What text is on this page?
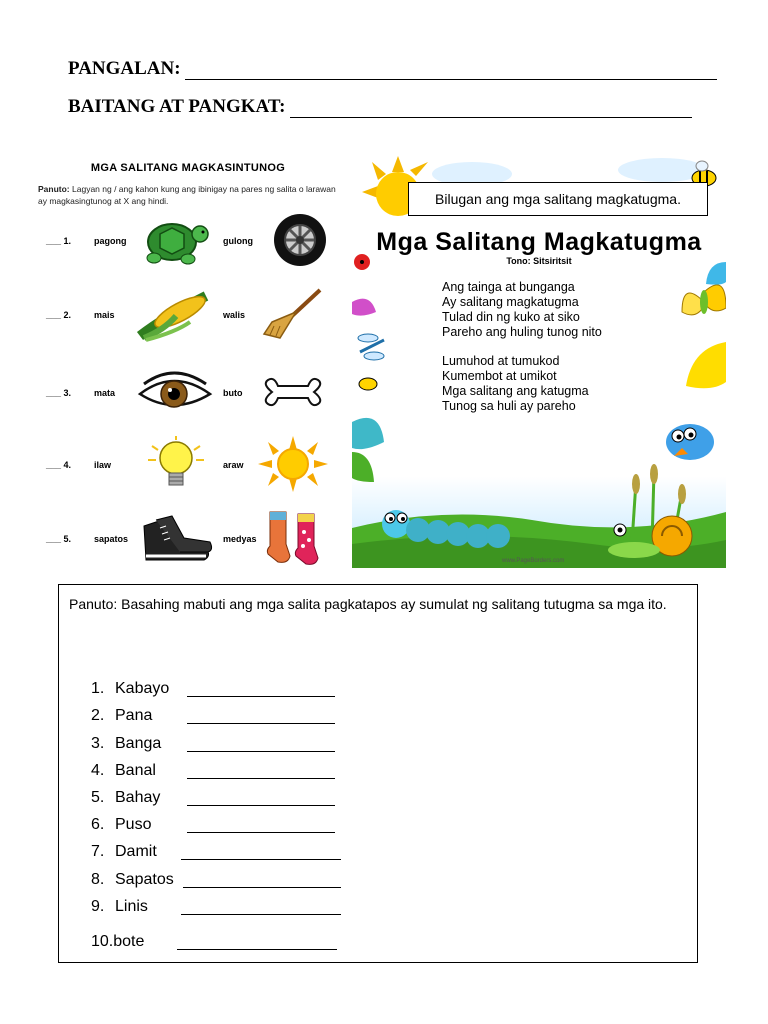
PANGALAN:
BAITANG AT PANGKAT:
MGA SALITANG MAGKASINTUNOG
Panuto: Lagyan ng / ang kahon kung ang ibinigay na pares ng salita o larawan ay magkasingtunog at X ang hindi.
___ 1.	pagong	gulong
___ 2.	mais	walis
___ 3.	mata	buto
___ 4.	ilaw	araw
___ 5.	sapatos	medyas
Bilugan ang mga salitang magkatugma.
Mga Salitang Magkatugma
Tono: Sitsiritsit
Ang tainga at bunganga
Ay salitang magkatugma
Tulad din ng kuko at siko
Pareho ang huling tunog nito
Lumuhod at tumukod
Kumembot at umikot
Mga salitang ang katugma
Tunog sa huli ay pareho
www.PageBorders.com
Panuto: Basahing mabuti ang mga salita pagkatapos ay sumulat ng salitang tutugma sa mga ito.
1. Kabayo
2. Pana
3. Banga
4. Banal
5. Bahay
6. Puso
7. Damit
8. Sapatos
9. Linis
10.bote
